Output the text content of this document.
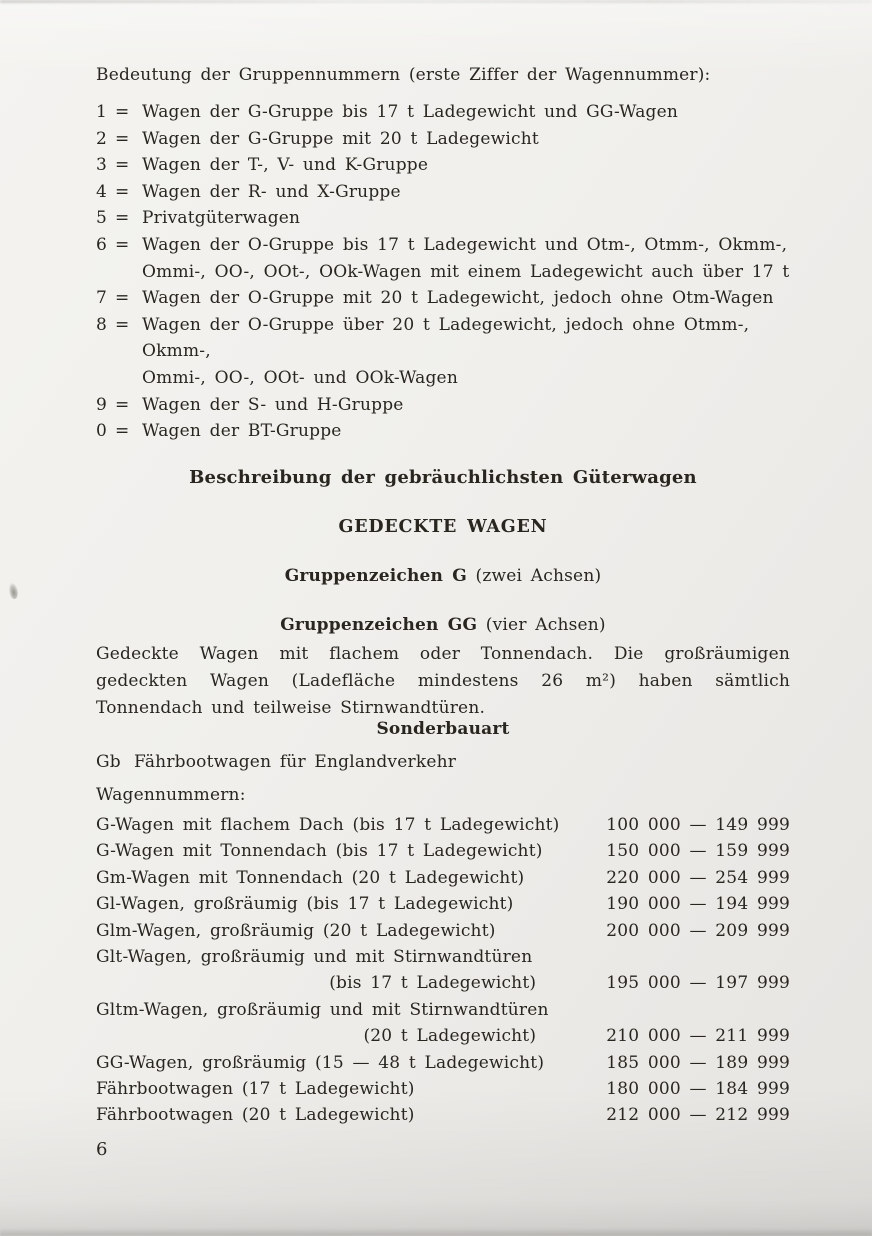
Bedeutung der Gruppennummern (erste Ziffer der Wagennummer):
1 = Wagen der G-Gruppe bis 17 t Ladegewicht und GG-Wagen
2 = Wagen der G-Gruppe mit 20 t Ladegewicht
3 = Wagen der T-, V- und K-Gruppe
4 = Wagen der R- und X-Gruppe
5 = Privatgüterwagen
6 = Wagen der O-Gruppe bis 17 t Ladegewicht und Otm-, Otmm-, Okmm-,
Ommi-, OO-, OOt-, OOk-Wagen mit einem Ladegewicht auch über 17 t
7 = Wagen der O-Gruppe mit 20 t Ladegewicht, jedoch ohne Otm-Wagen
8 = Wagen der O-Gruppe über 20 t Ladegewicht, jedoch ohne Otmm-, Okmm-,
Ommi-, OO-, OOt- und OOk-Wagen
9 = Wagen der S- und H-Gruppe
0 = Wagen der BT-Gruppe
Beschreibung der gebräuchlichsten Güterwagen
GEDECKTE WAGEN
Gruppenzeichen G (zwei Achsen)
Gruppenzeichen GG (vier Achsen)
Gedeckte Wagen mit flachem oder Tonnendach. Die großräumigen gedeckten Wagen (Ladefläche mindestens 26 m²) haben sämtlich Tonnendach und teilweise Stirnwandtüren.
Sonderbauart
Gb Fährbootwagen für Englandverkehr
Wagennummern:
G-Wagen mit flachem Dach (bis 17 t Ladegewicht)	100 000 — 149 999
G-Wagen mit Tonnendach (bis 17 t Ladegewicht)	150 000 — 159 999
Gm-Wagen mit Tonnendach (20 t Ladegewicht)	220 000 — 254 999
Gl-Wagen, großräumig (bis 17 t Ladegewicht)	190 000 — 194 999
Glm-Wagen, großräumig (20 t Ladegewicht)	200 000 — 209 999
Glt-Wagen, großräumig und mit Stirnwandtüren
(bis 17 t Ladegewicht)	195 000 — 197 999
Gltm-Wagen, großräumig und mit Stirnwandtüren
(20 t Ladegewicht)	210 000 — 211 999
GG-Wagen, großräumig (15 — 48 t Ladegewicht)	185 000 — 189 999
Fährbootwagen (17 t Ladegewicht)	180 000 — 184 999
Fährbootwagen (20 t Ladegewicht)	212 000 — 212 999
6
